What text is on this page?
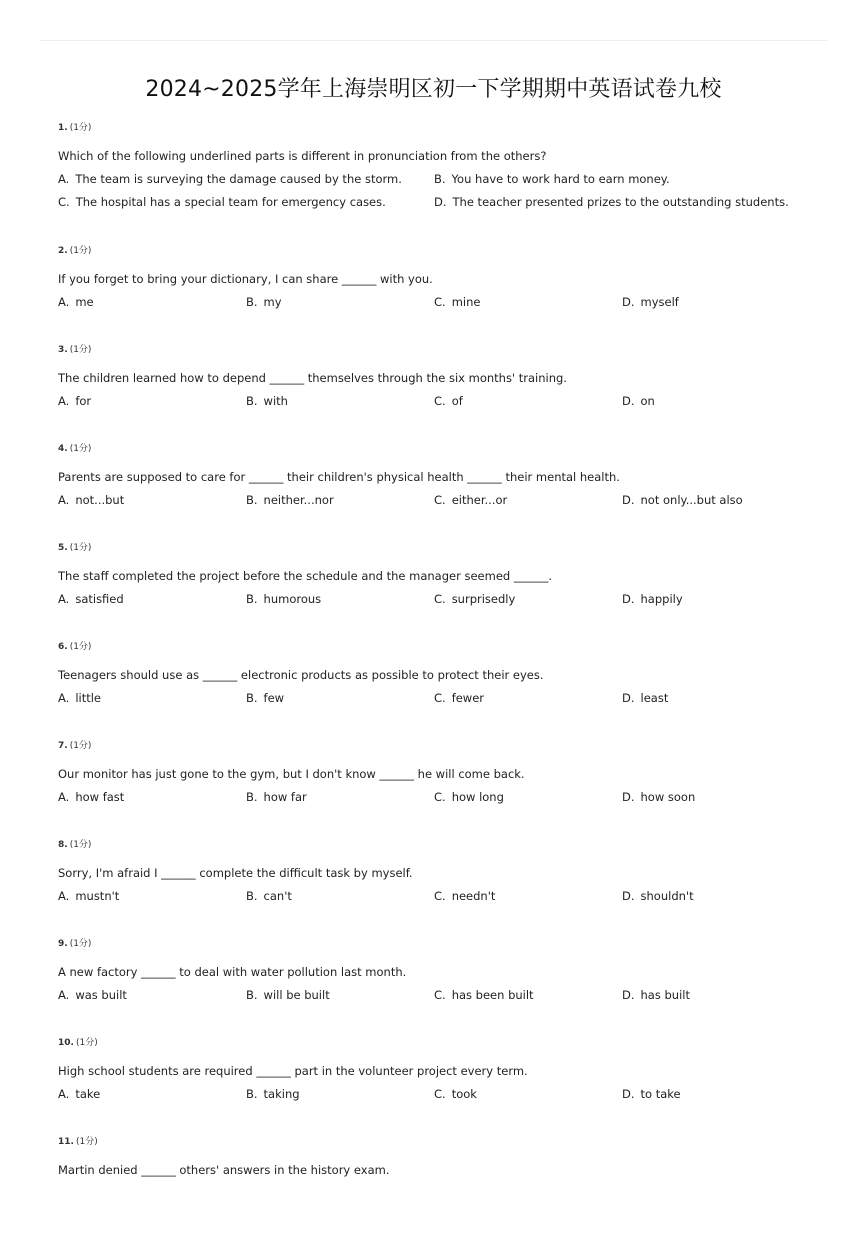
2024~2025学年上海崇明区初一下学期期中英语试卷九校
1. (1分)
Which of the following underlined parts is different in pronunciation from the others?
A. The team is surveying the damage caused by the storm.	B. You have to work hard to earn money.
C. The hospital has a special team for emergency cases.	D. The teacher presented prizes to the outstanding students.
2. (1分)
If you forget to bring your dictionary, I can share ______ with you.
A. me	B. my	C. mine	D. myself
3. (1分)
The children learned how to depend ______ themselves through the six months' training.
A. for	B. with	C. of	D. on
4. (1分)
Parents are supposed to care for ______ their children's physical health ______ their mental health.
A. not...but	B. neither...nor	C. either...or	D. not only...but also
5. (1分)
The staff completed the project before the schedule and the manager seemed ______.
A. satisfied	B. humorous	C. surprisedly	D. happily
6. (1分)
Teenagers should use as ______ electronic products as possible to protect their eyes.
A. little	B. few	C. fewer	D. least
7. (1分)
Our monitor has just gone to the gym, but I don't know ______ he will come back.
A. how fast	B. how far	C. how long	D. how soon
8. (1分)
Sorry, I'm afraid I ______ complete the difficult task by myself.
A. mustn't	B. can't	C. needn't	D. shouldn't
9. (1分)
A new factory ______ to deal with water pollution last month.
A. was built	B. will be built	C. has been built	D. has built
10. (1分)
High school students are required ______ part in the volunteer project every term.
A. take	B. taking	C. took	D. to take
11. (1分)
Martin denied ______ others' answers in the history exam.
